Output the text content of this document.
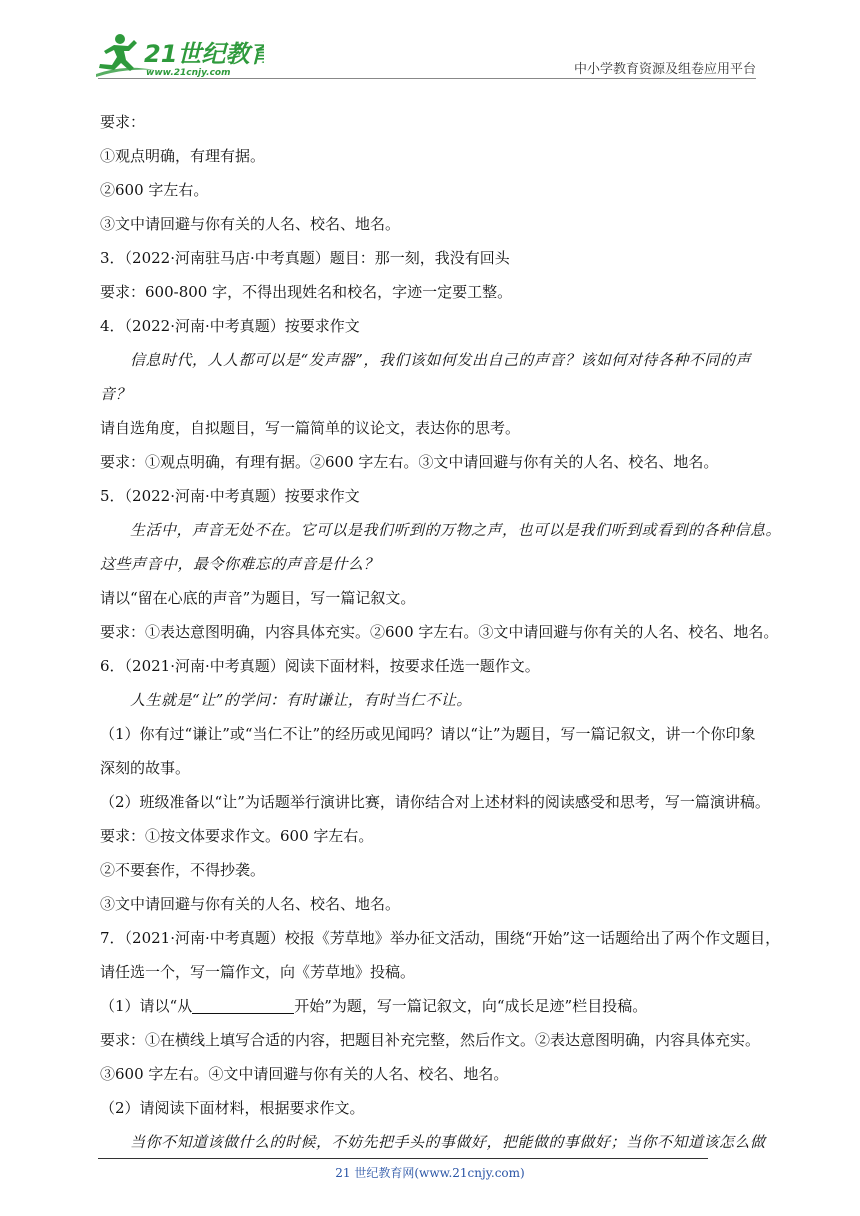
21世纪教育
www.21cnjy.com	中小学教育资源及组卷应用平台
要求：
①观点明确，有理有据。
②600 字左右。
③文中请回避与你有关的人名、校名、地名。
3．（2022·河南驻马店·中考真题）题目：那一刻，我没有回头
要求：600-800 字，不得出现姓名和校名，字迹一定要工整。
4．（2022·河南·中考真题）按要求作文
信息时代，人人都可以是“发声器”，我们该如何发出自己的声音？该如何对待各种不同的声
音？
请自选角度，自拟题目，写一篇简单的议论文，表达你的思考。
要求：①观点明确，有理有据。②600 字左右。③文中请回避与你有关的人名、校名、地名。
5．（2022·河南·中考真题）按要求作文
生活中，声音无处不在。它可以是我们听到的万物之声，也可以是我们听到或看到的各种信息。
这些声音中，最令你难忘的声音是什么？
请以“留在心底的声音”为题目，写一篇记叙文。
要求：①表达意图明确，内容具体充实。②600 字左右。③文中请回避与你有关的人名、校名、地名。
6．（2021·河南·中考真题）阅读下面材料，按要求任选一题作文。
人生就是“让”的学问：有时谦让，有时当仁不让。
（1）你有过“谦让”或“当仁不让”的经历或见闻吗？请以“让”为题目，写一篇记叙文，讲一个你印象
深刻的故事。
（2）班级准备以“让”为话题举行演讲比赛，请你结合对上述材料的阅读感受和思考，写一篇演讲稿。
要求：①按文体要求作文。600 字左右。
②不要套作，不得抄袭。
③文中请回避与你有关的人名、校名、地名。
7．（2021·河南·中考真题）校报《芳草地》举办征文活动，围绕“开始”这一话题给出了两个作文题目，
请任选一个，写一篇作文，向《芳草地》投稿。
（1）请以“从	开始”为题，写一篇记叙文，向“成长足迹”栏目投稿。
要求：①在横线上填写合适的内容，把题目补充完整，然后作文。②表达意图明确，内容具体充实。
③600 字左右。④文中请回避与你有关的人名、校名、地名。
（2）请阅读下面材料，根据要求作文。
当你不知道该做什么的时候，不妨先把手头的事做好，把能做的事做好；当你不知道该怎么做
21 世纪教育网(www.21cnjy.com)
